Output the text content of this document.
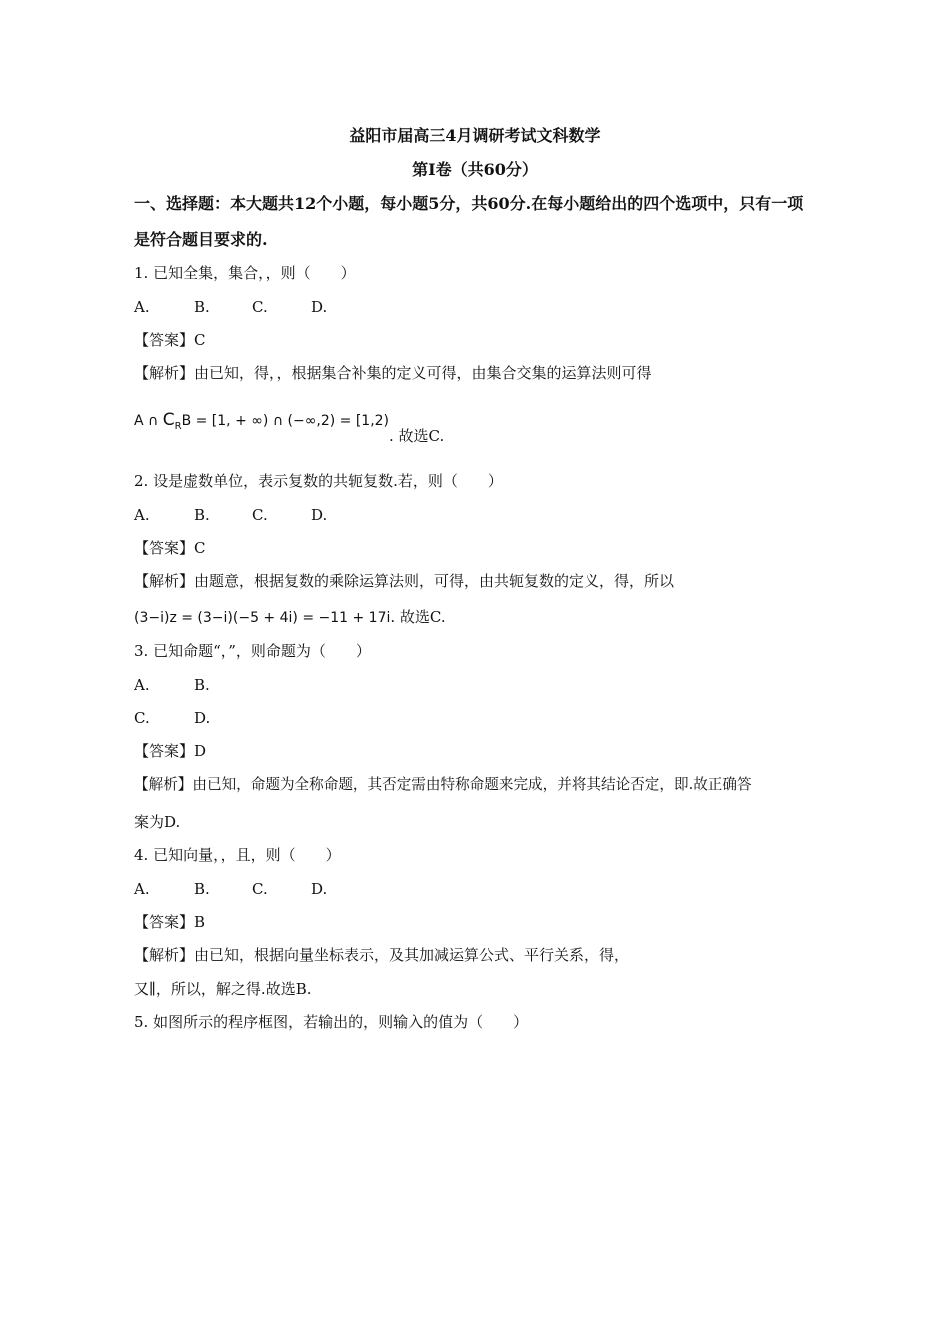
益阳市届高三4月调研考试文科数学
第Ⅰ卷（共60分）
一、选择题：本大题共12个小题，每小题5分，共60分.在每小题给出的四个选项中，只有一项
是符合题目要求的.
1. 已知全集，集合，，则（　　）
A.	B.	C.	D.
【答案】C
【解析】由已知，得，，根据集合补集的定义可得，由集合交集的运算法则可得
A ∩ $C_RB = [1$, + ∞) ∩ (−∞,2) = [1,2). 故选C.
2. 设是虚数单位，表示复数的共轭复数.若，则（　　）
A.	B.	C.	D.
【答案】C
【解析】由题意，根据复数的乘除运算法则，可得，由共轭复数的定义，得，所以
(3−i)z = (3−i)(−5 + 4i) = −11 + 17i. 故选C.
3. 已知命题“，”，则命题为（　　）
A.	B.
C.	D.
【答案】D
【解析】由已知，命题为全称命题，其否定需由特称命题来完成，并将其结论否定，即.故正确答
案为D.
4. 已知向量，，且，则（　　）
A.	B.	C.	D.
【答案】B
【解析】由已知，根据向量坐标表示，及其加减运算公式、平行关系，得，
又∥，所以，解之得.故选B.
5. 如图所示的程序框图，若输出的，则输入的值为（　　）
